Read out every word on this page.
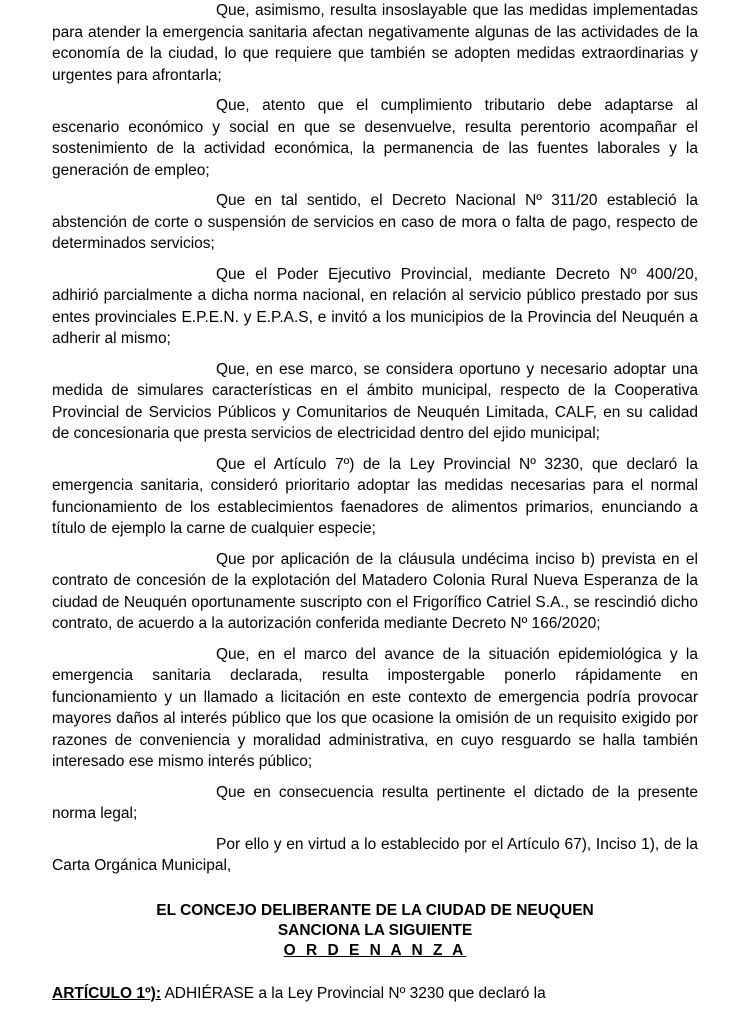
Que, asimismo, resulta insoslayable que las medidas implementadas para atender la emergencia sanitaria afectan negativamente algunas de las actividades de la economía de la ciudad, lo que requiere que también se adopten medidas extraordinarias y urgentes para afrontarla;

Que, atento que el cumplimiento tributario debe adaptarse al escenario económico y social en que se desenvuelve, resulta perentorio acompañar el sostenimiento de la actividad económica, la permanencia de las fuentes laborales y la generación de empleo;

Que en tal sentido, el Decreto Nacional Nº 311/20 estableció la abstención de corte o suspensión de servicios en caso de mora o falta de pago, respecto de determinados servicios;

Que el Poder Ejecutivo Provincial, mediante Decreto Nº 400/20, adhirió parcialmente a dicha norma nacional, en relación al servicio público prestado por sus entes provinciales E.P.E.N. y E.P.A.S, e invitó a los municipios de la Provincia del Neuquén a adherir al mismo;

Que, en ese marco, se considera oportuno y necesario adoptar una medida de simulares características en el ámbito municipal, respecto de la Cooperativa Provincial de Servicios Públicos y Comunitarios de Neuquén Limitada, CALF, en su calidad de concesionaria que presta servicios de electricidad dentro del ejido municipal;

Que el Artículo 7º) de la Ley Provincial Nº 3230, que declaró la emergencia sanitaria, consideró prioritario adoptar las medidas necesarias para el normal funcionamiento de los establecimientos faenadores de alimentos primarios, enunciando a título de ejemplo la carne de cualquier especie;

Que por aplicación de la cláusula undécima inciso b) prevista en el contrato de concesión de la explotación del Matadero Colonia Rural Nueva Esperanza de la ciudad de Neuquén oportunamente suscripto con el Frigorífico Catriel S.A., se rescindió dicho contrato, de acuerdo a la autorización conferida mediante Decreto Nº 166/2020;

Que, en el marco del avance de la situación epidemiológica y la emergencia sanitaria declarada, resulta impostergable ponerlo rápidamente en funcionamiento y un llamado a licitación en este contexto de emergencia podría provocar mayores daños al interés público que los que ocasione la omisión de un requisito exigido por razones de conveniencia y moralidad administrativa, en cuyo resguardo se halla también interesado ese mismo interés público;

Que en consecuencia resulta pertinente el dictado de la presente norma legal;

Por ello y en virtud a lo establecido por el Artículo 67), Inciso 1), de la Carta Orgánica Municipal,

EL CONCEJO DELIBERANTE DE LA CIUDAD DE NEUQUEN
SANCIONA LA SIGUIENTE
O R D E N A N Z A

ARTÍCULO 1º): ADHIÉRASE a la Ley Provincial Nº 3230 que declaró la
